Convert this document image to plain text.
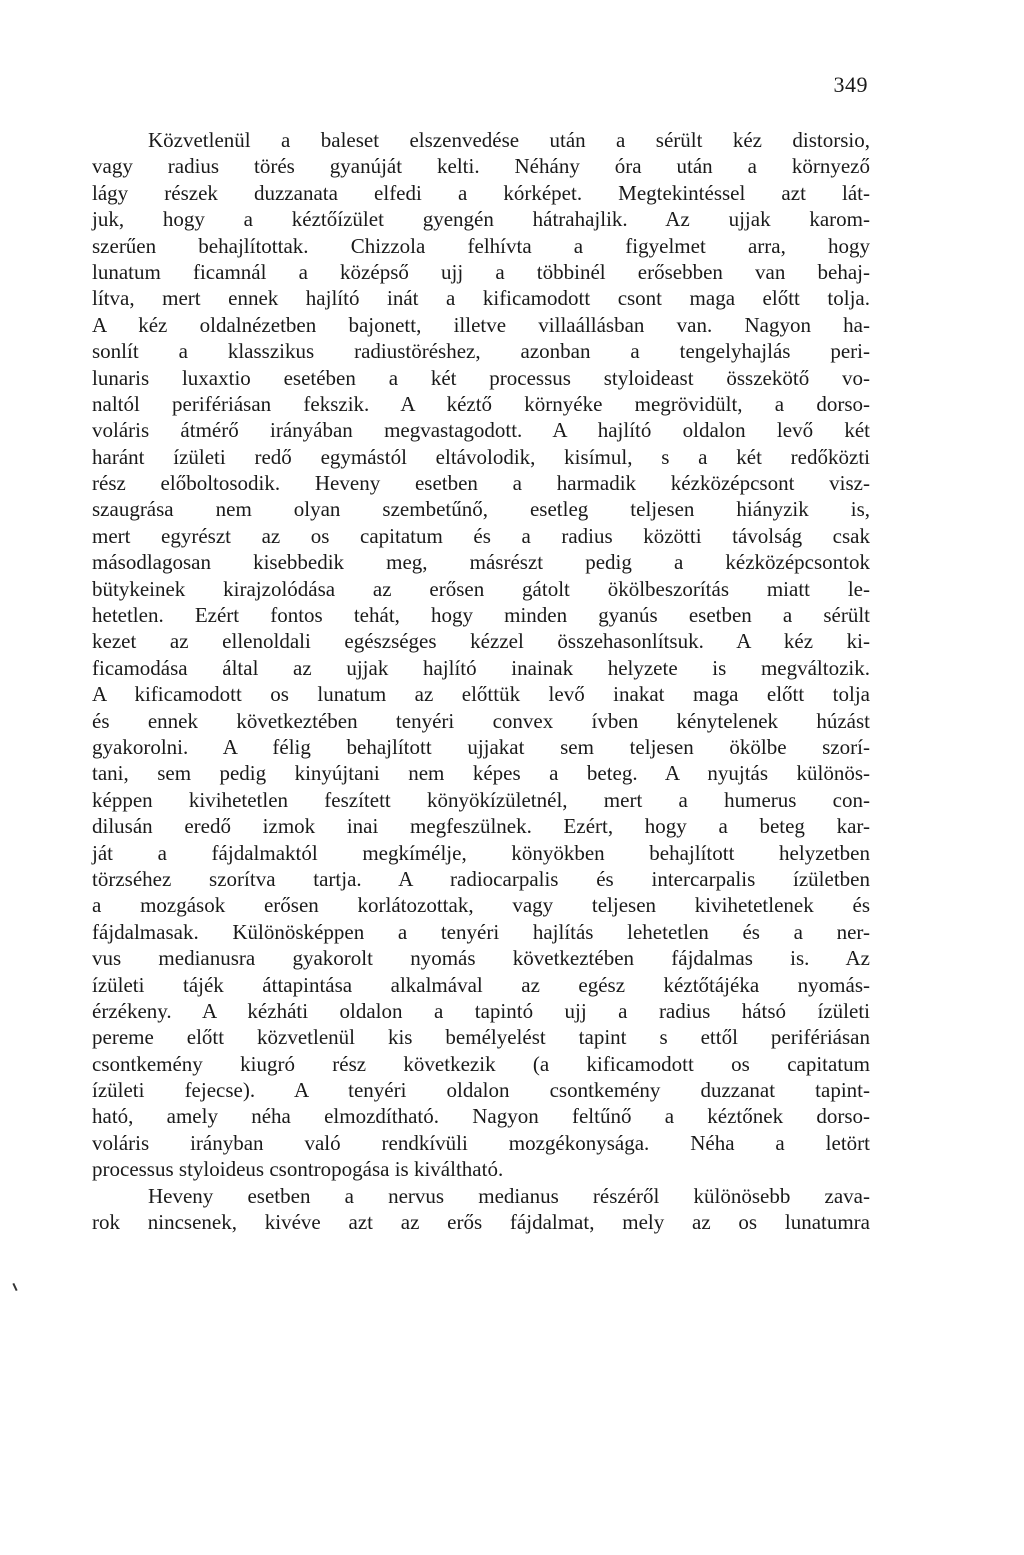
349
Közvetlenül a baleset elszenvedése után a sérült kéz distorsio,
vagy radius törés gyanúját kelti. Néhány óra után a környező
lágy részek duzzanata elfedi a kórképet. Megtekintéssel azt lát-
juk, hogy a kéztőízület gyengén hátrahajlik. Az ujjak karom-
szerűen behajlítottak. Chizzola felhívta a figyelmet arra, hogy
lunatum ficamnál a középső ujj a többinél erősebben van behaj-
lítva, mert ennek hajlító inát a kificamodott csont maga előtt tolja.
A kéz oldalnézetben bajonett, illetve villaállásban van. Nagyon ha-
sonlít a klasszikus radiustöréshez, azonban a tengelyhajlás peri-
lunaris luxaxtio esetében a két processus styloideast összekötő vo-
naltól perifériásan fekszik. A kéztő környéke megrövidült, a dorso-
voláris átmérő irányában megvastagodott. A hajlító oldalon levő két
haránt ízületi redő egymástól eltávolodik, kisímul, s a két redőközti
rész előboltosodik. Heveny esetben a harmadik kézközépcsont visz-
szaugrása nem olyan szembetűnő, esetleg teljesen hiányzik is,
mert egyrészt az os capitatum és a radius közötti távolság csak
másodlagosan kisebbedik meg, másrészt pedig a kézközépcsontok
bütykeinek kirajzolódása az erősen gátolt ökölbeszorítás miatt le-
hetetlen. Ezért fontos tehát, hogy minden gyanús esetben a sérült
kezet az ellenoldali egészséges kézzel összehasonlítsuk. A kéz ki-
ficamodása által az ujjak hajlító inainak helyzete is megváltozik.
A kificamodott os lunatum az előttük levő inakat maga előtt tolja
és ennek következtében tenyéri convex ívben kénytelenek húzást
gyakorolni. A félig behajlított ujjakat sem teljesen ökölbe szorí-
tani, sem pedig kinyújtani nem képes a beteg. A nyujtás különös-
képpen kivihetetlen feszített könyökízületnél, mert a humerus con-
dilusán eredő izmok inai megfeszülnek. Ezért, hogy a beteg kar-
ját a fájdalmaktól megkímélje, könyökben behajlított helyzetben
törzséhez szorítva tartja. A radiocarpalis és intercarpalis ízületben
a mozgások erősen korlátozottak, vagy teljesen kivihetetlenek és
fájdalmasak. Különösképpen a tenyéri hajlítás lehetetlen és a ner-
vus medianusra gyakorolt nyomás következtében fájdalmas is. Az
ízületi tájék áttapintása alkalmával az egész kéztőtájéka nyomás-
érzékeny. A kézháti oldalon a tapintó ujj a radius hátsó ízületi
pereme előtt közvetlenül kis bemélyelést tapint s ettől perifériásan
csontkemény kiugró rész következik (a kificamodott os capitatum
ízületi fejecse). A tenyéri oldalon csontkemény duzzanat tapint-
ható, amely néha elmozdítható. Nagyon feltűnő a kéztőnek dorso-
voláris irányban való rendkívüli mozgékonysága. Néha a letört
processus styloideus csontropogása is kiváltható.
Heveny esetben a nervus medianus részéről különösebb zava-
rok nincsenek, kivéve azt az erős fájdalmat, mely az os lunatumra
